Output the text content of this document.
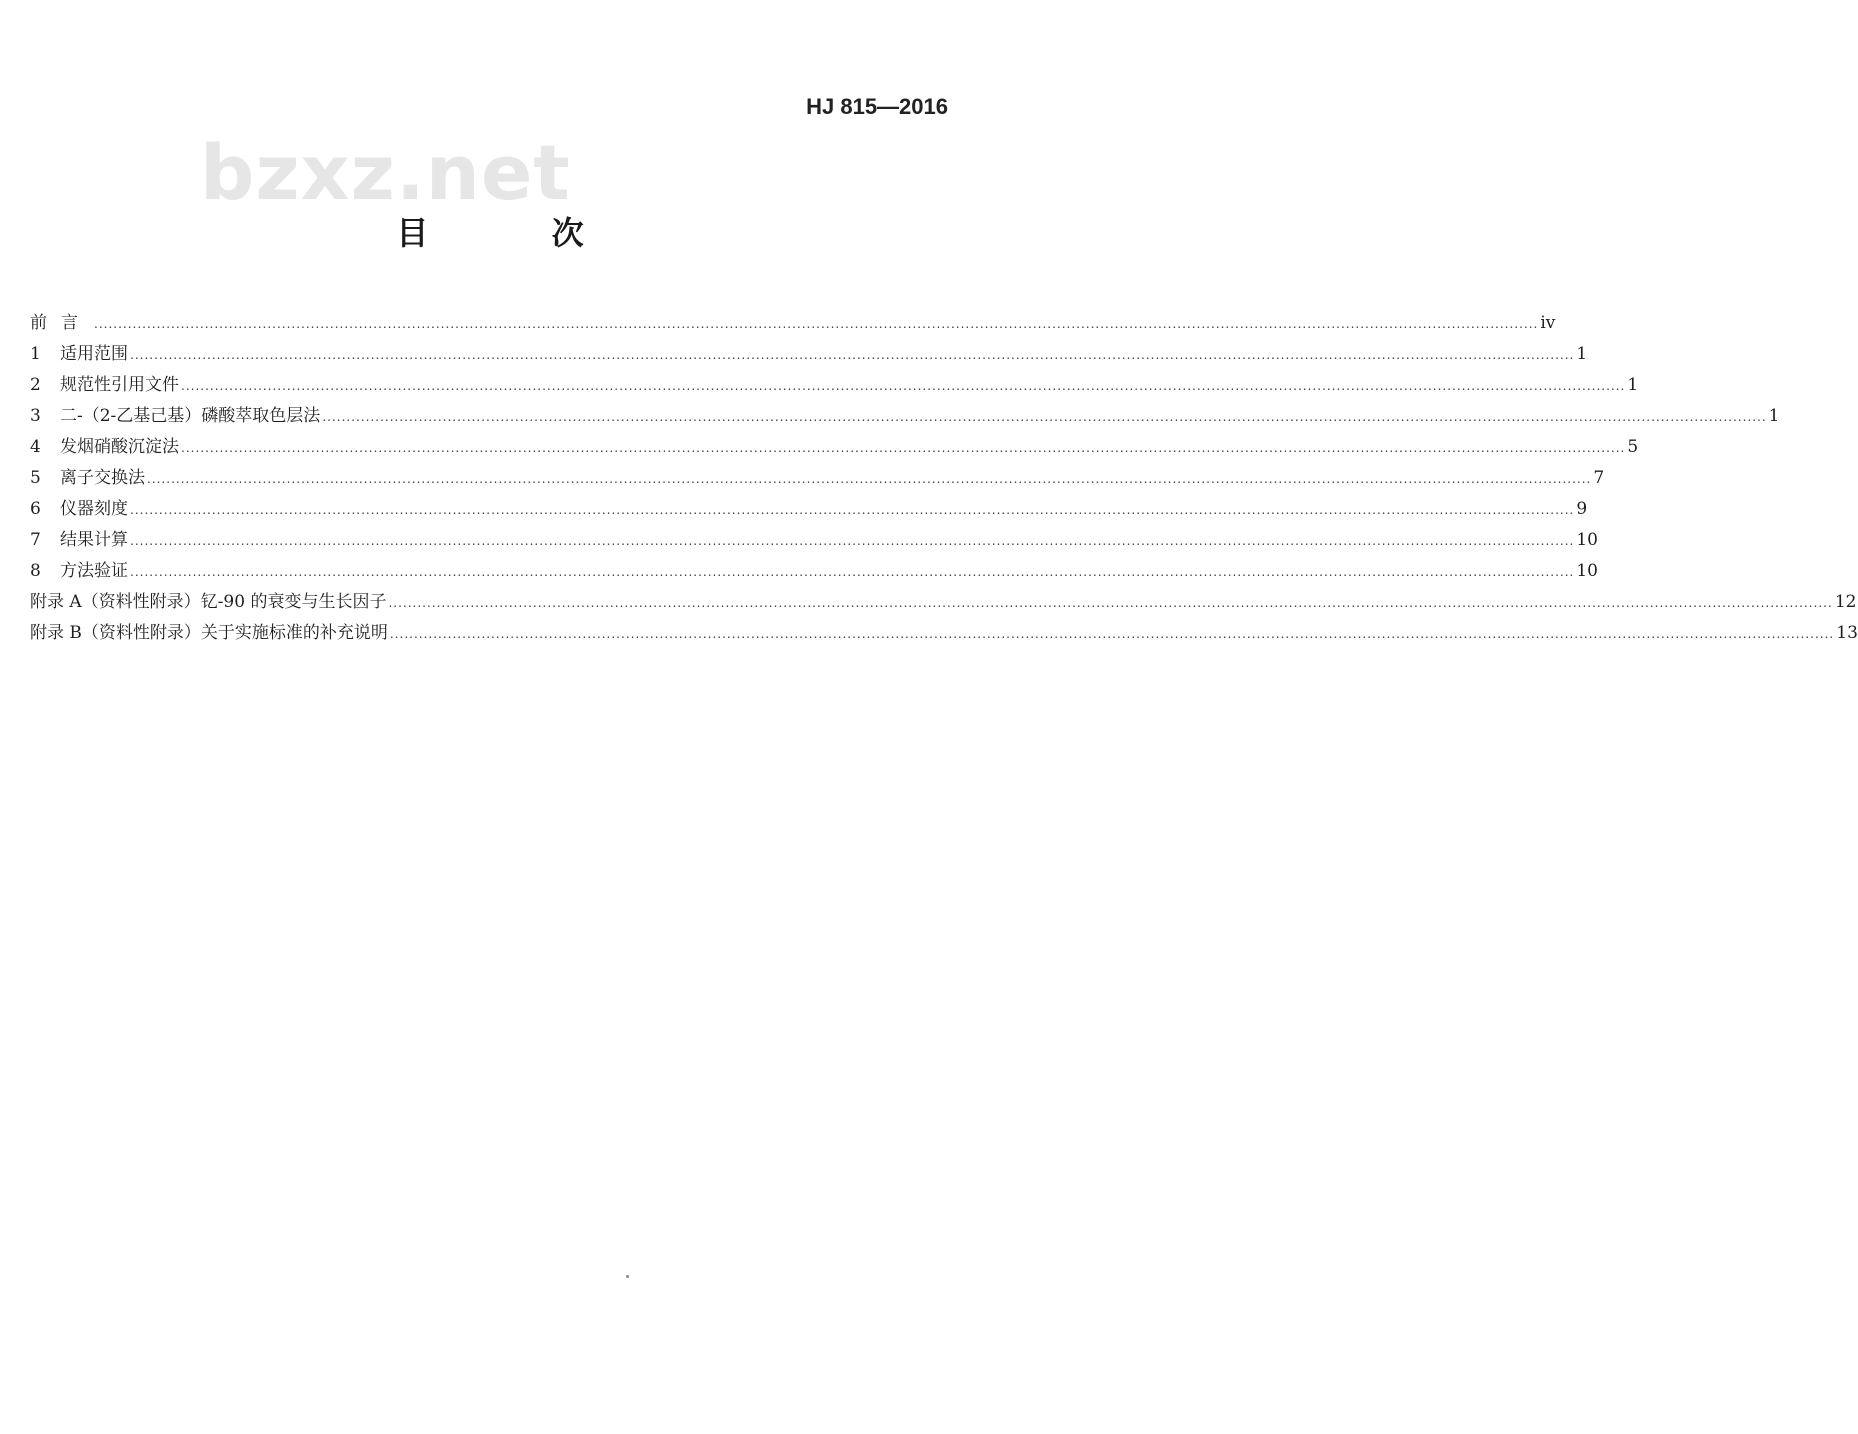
HJ 815—2016
bzxz.net
目 次
前言 ............................................................................................................................................................................................................................................................................................................ iv
1	适用范围 ............................................................................................................................................................................................................................................................................................................ 1
2	规范性引用文件 ............................................................................................................................................................................................................................................................................................................ 1
3	二-（2-乙基己基）磷酸萃取色层法 ............................................................................................................................................................................................................................................................................................................ 1
4	发烟硝酸沉淀法 ............................................................................................................................................................................................................................................................................................................ 5
5	离子交换法 ............................................................................................................................................................................................................................................................................................................ 7
6	仪器刻度 ............................................................................................................................................................................................................................................................................................................ 9
7	结果计算 ............................................................................................................................................................................................................................................................................................................ 10
8	方法验证 ............................................................................................................................................................................................................................................................................................................ 10
附录 A（资料性附录） 钇-90 的衰变与生长因子 ............................................................................................................................................................................................................................................................................................................ 12
附录 B（资料性附录） 关于实施标准的补充说明 ............................................................................................................................................................................................................................................................................................................ 13
